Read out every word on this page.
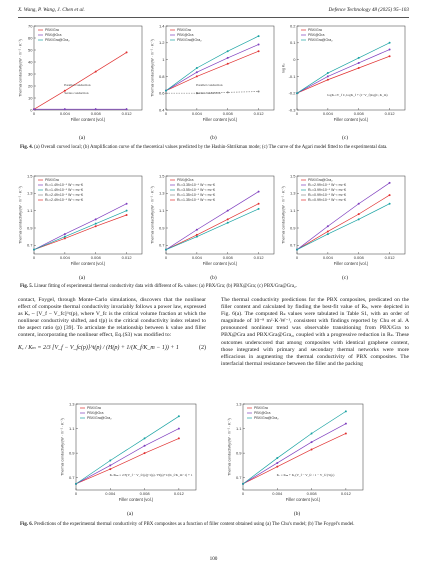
X. Wang, P. Wang, J. Chen et al.	Defence Technology 48 (2025) 95–103
0
10
20
30
40
50
60
70
0	0.004	0.008	0.012
Filler content (vol.)
Thermal conductivity/(W · m⁻¹ · K⁻¹)
PBX/Gra
PBX@Gra
PBX/Gra@Gra₂
Parallel conduction
Series conduction
(a)
0.4
0.6
0.8
1
1.2
1.4
0	0.004	0.008	0.012
Filler content (vol.)
Thermal conductivity/(W · m⁻¹ · K⁻¹)
PBX/Gra
PBX@Gra
PBX/Gra@Gra₂
Parallel conduction
Series conduction
(b)
-0.3
-0.2
-0.1
0
0.1
0.2
0	0.004	0.008	0.012
Filler content (vol.)
log Kₑ
PBX/Gra
PBX@Gra
PBX/Gra@Gra₂
logKₑ=V_f C₂logK_f + (1−V_f)log(C₁K_m)
(c)
Fig. 4. (a) Overall curved local; (b) Amplification curve of the theoretical values predicted by the Hashin-Shtrikman mode; (c) The curve of the Agari model fitted to the experimental data.
0.7
0.9
1.1
1.3
1.5
0	0.004	0.008	0.012
Filler content (vol.)
Thermal conductivity/(W · m⁻¹ · K⁻¹)
PBX/Gra
Rₖ=1.49×10⁻⁸ W⁻¹·m²·K
Rₖ=1.49×10⁻⁸ W⁻¹·m²·K
Rₖ=2.49×10⁻⁸ W⁻¹·m²·K
Rₖ=2.49×10⁻⁸ W⁻¹·m²·K
(a)
0.7
0.9
1.1
1.3
1.5
0	0.004	0.008	0.012
Filler content (vol.)
Thermal conductivity/(W · m⁻¹ · K⁻¹)
PBX@Gra
Rₖ=3.35×10⁻⁸ W⁻¹·m²·K
Rₖ=3.55×10⁻⁸ W⁻¹·m²·K
Rₖ=1.35×10⁻⁸ W⁻¹·m²·K
Rₖ=1.35×10⁻⁸ W⁻¹·m²·K
(b)
0.7
0.9
1.1
1.3
1.5
0	0.004	0.008	0.012
Filler content (vol.)
Thermal conductivity/(W · m⁻¹ · K⁻¹)
PBX/Gra@Gra₂
Rₖ=2.99×10⁻⁸ W⁻¹·m²·K
Rₖ=3.99×10⁻⁸ W⁻¹·m²·K
Rₖ=0.99×10⁻⁸ W⁻¹·m²·K
Rₖ=0.99×10⁻⁸ W⁻¹·m²·K
(c)
Fig. 5. Linear fitting of experimental thermal conductivity data with different of Rₖ values: (a) PBX/Gra; (b) PBX@Gra; (c) PBX/Gra@Gra₂.
contact, Foygel, through Monte-Carlo simulations, discovers that the nonlinear effect of composite thermal conductivity invariably follows a power law, expressed as Kₑ ~ [V_f − V_fc]^t(p), where V_fc is the critical volume fraction at which the nonlinear conductivity shifted, and t(p) is the critical conductivity index related to the aspect ratio (p) [39]. To articulate the relationship between k value and filler content, incorporating the nonlinear effect, Eq.(S3) was modified to:
Kₑ / Kₘ = 2/3 [V_f − V_fc(p)]^t(p) / (H(p) + 1/(K_f/K_m − 1)) + 1	(2)
The thermal conductivity predictions for the PBX composites, predicated on the filler content and calculated by finding the best-fit value of Rₖ, were depicted in Fig. 6(a). The computed Rₖ values were tabulated in Table S1, with an order of magnitude of 10⁻⁸ m²·K·W⁻¹, consistent with findings reported by Chu et al. A pronounced nonlinear trend was observable transitioning from PBX/Gra to PBX@Gra and PBX/Gra@Gra₂, coupled with a progressive reduction in Rₖ. These outcomes underscored that among composites with identical graphene content, those integrated with primary and secondary thermal networks were more efficacious in augmenting the thermal conductivity of PBX composites. The interfacial thermal resistance between the filler and the packing
0.7
0.9
1.1
1.3
0	0.004	0.008	0.012
Filler content (vol.)
Thermal conductivity/(W · m⁻¹ · K⁻¹)
PBX/Gra
PBX@Gra
PBX/Gra@Gra₂
Kₑ/Kₘ = 2/3[V_f − V_fc(p)]^t(p) / H(p)+1/(K_f/K_m−1) + 1
(a)
0.7
0.9
1.1
1.3
0	0.004	0.008	0.012
Filler content (vol.)
Thermal conductivity/(W · m⁻¹ · K⁻¹)
PBX/Gra
PBX@Gra
PBX/Gra@Gra₂
Kₑ = Kₘ + K₀(V_f − V_fc / 1 − V_fc)^t(p)
(b)
Fig. 6. Predictions of the experimental thermal conductivity of PBX composites as a function of filler content obtained using (a) The Chu's model; (b) The Foygel's model.
100
